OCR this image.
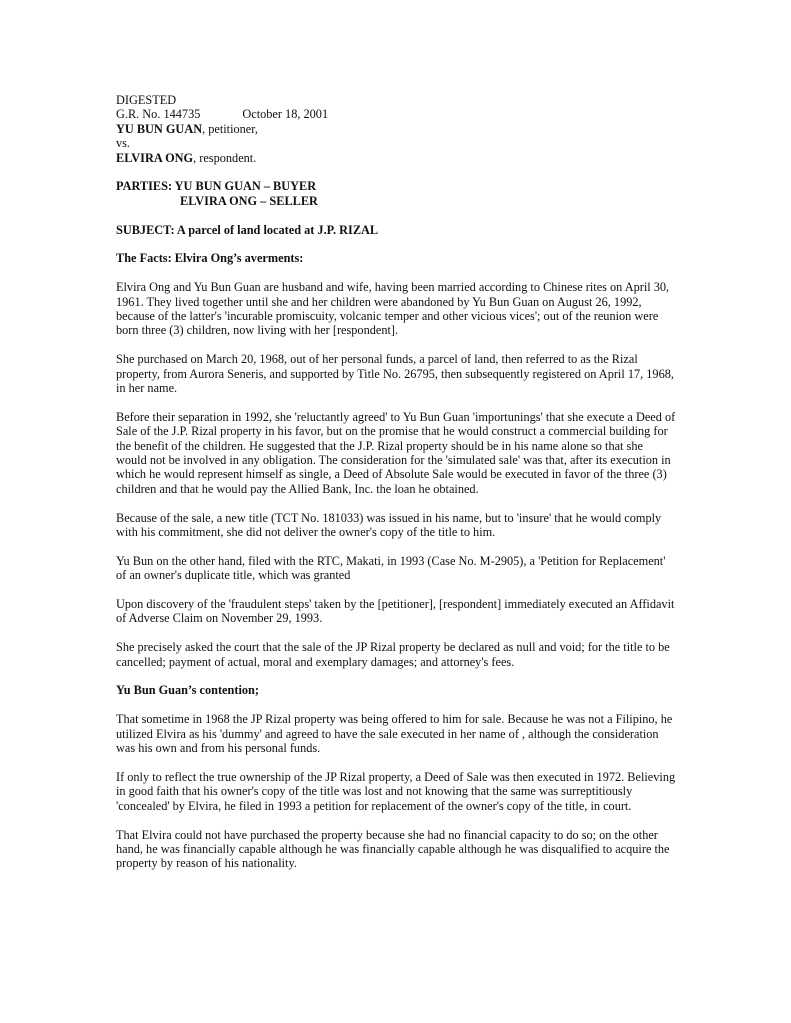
DIGESTED
G.R. No. 144735	October 18, 2001
YU BUN GUAN, petitioner,
vs.
ELVIRA ONG, respondent.
PARTIES: YU BUN GUAN – BUYER
ELVIRA ONG – SELLER
SUBJECT: A parcel of land located at J.P. RIZAL

The Facts: Elvira Ong’s averments:

Elvira Ong and Yu Bun Guan are husband and wife, having been married according to Chinese rites on April 30, 1961. They lived together until she and her children were abandoned by Yu Bun Guan on August 26, 1992, because of the latter's 'incurable promiscuity, volcanic temper and other vicious vices'; out of the reunion were born three (3) children, now living with her [respondent].

She purchased on March 20, 1968, out of her personal funds, a parcel of land, then referred to as the Rizal property, from Aurora Seneris, and supported by Title No. 26795, then subsequently registered on April 17, 1968, in her name.

Before their separation in 1992, she 'reluctantly agreed' to Yu Bun Guan 'importunings' that she execute a Deed of Sale of the J.P. Rizal property in his favor, but on the promise that he would construct a commercial building for the benefit of the children. He suggested that the J.P. Rizal property should be in his name alone so that she would not be involved in any obligation. The consideration for the 'simulated sale' was that, after its execution in which he would represent himself as single, a Deed of Absolute Sale would be executed in favor of the three (3) children and that he would pay the Allied Bank, Inc. the loan he obtained.

Because of the sale, a new title (TCT No. 181033) was issued in his name, but to 'insure' that he would comply with his commitment, she did not deliver the owner's copy of the title to him.

Yu Bun on the other hand, filed with the RTC, Makati, in 1993 (Case No. M-2905), a 'Petition for Replacement' of an owner's duplicate title, which was granted

Upon discovery of the 'fraudulent steps' taken by the [petitioner], [respondent] immediately executed an Affidavit of Adverse Claim on November 29, 1993.

She precisely asked the court that the sale of the JP Rizal property be declared as null and void; for the title to be cancelled; payment of actual, moral and exemplary damages; and attorney's fees.

Yu Bun Guan’s contention;

That sometime in 1968 the JP Rizal property was being offered to him for sale. Because he was not a Filipino, he utilized Elvira as his 'dummy' and agreed to have the sale executed in her name of , although the consideration was his own and from his personal funds.

If only to reflect the true ownership of the JP Rizal property, a Deed of Sale was then executed in 1972. Believing in good faith that his owner's copy of the title was lost and not knowing that the same was surreptitiously 'concealed' by Elvira, he filed in 1993 a petition for replacement of the owner's copy of the title, in court.

That Elvira could not have purchased the property because she had no financial capacity to do so; on the other hand, he was financially capable although he was financially capable although he was disqualified to acquire the property by reason of his nationality.
